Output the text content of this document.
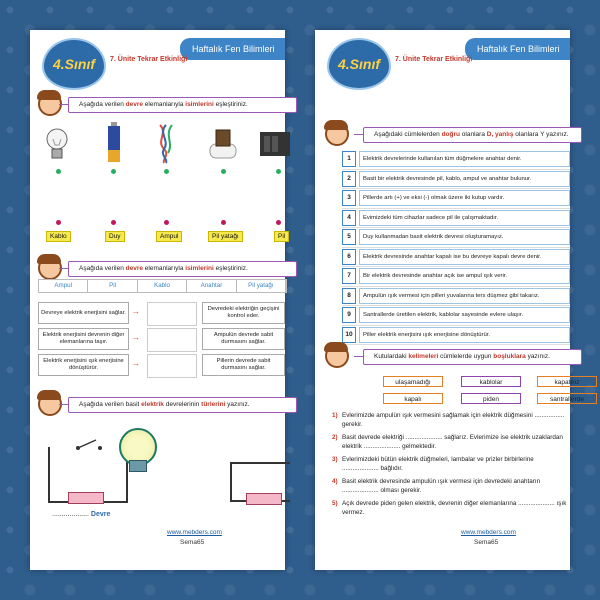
4.Sınıf
Haftalık Fen Bilimleri
7. Ünite Tekrar Etkinliği
Aşağıda verilen devre elemanlarıyla isimlerini eşleştiriniz.
Kablo	Duy	Ampul	Pil yatağı	Pil
Aşağıda verilen devre elemanlarıyla isimlerini eşleştiriniz.
Ampul	Pil	Kablo	Anahtar	Pil yatağı
Devreye elektrik enerjisini sağlar.
Elektrik enerjisini devrenin diğer elemanlarına taşır.
Elektrik enerjisini ışık enerjisine dönüştürür.
→
→
→
Devredeki elektriğin geçişini kontrol eder.
Ampulün devrede sabit durmasını sağlar.
Pillerin devrede sabit durmasını sağlar.
Aşağıda verilen basit elektrik devrelerinin türlerini yazınız.
................... Devre
www.mebders.com
Sema65
4.Sınıf
Haftalık Fen Bilimleri
7. Ünite Tekrar Etkinliği
Aşağıdaki cümlelerden doğru olanlara D, yanlış olanlara Y yazınız.
1	Elektrik devrelerinde kullanılan tüm düğmelere anahtar denir.
2	Basit bir elektrik devresinde pil, kablo, ampul ve anahtar bulunur.
3	Pillerde artı (+) ve eksi (-) olmak üzere iki kutup vardır.
4	Evimizdeki tüm cihazlar sadece pil ile çalışmaktadır.
5	Duy kullanmadan basit elektrik devresi oluşturamayız.
6	Elektrik devresinde anahtar kapalı ise bu devreye kapalı devre denir.
7	Bir elektrik devresinde anahtar açık ise ampul ışık verir.
8	Ampulün ışık vermesi için pilleri yuvalarına ters düşmez gibi takarız.
9	Santrallerde üretilen elektrik, kablolar sayesinde evlere ulaşır.
10	Piller elektrik enerjisini ışık enerjisine dönüştürür.
Kutulardaki kelimeleri cümlelerde uygun boşluklara yazınız.
ulaşamadığı	kablolar	kapatırız
kapalı	piden	santrallerde
1) Evlerimizde ampulün ışık vermesini sağlamak için elektrik düğmesini ................. gerekir.
2) Basit devrede elektriği ..................... sağlarız. Evlerimize ise elektrik uzaklardan elektrik ..................... gelmektedir.
3) Evlerimizdeki bütün elektrik düğmeleri, lambalar ve prizler birbirlerine ..................... bağlıdır.
4) Basit elektrik devresinde ampulün ışık vermesi için devredeki anahtarın ..................... olması gerekir.
5) Açık devrede piden gelen elektrik, devrenin diğer elemanlarına ..................... ışık vermez.
www.mebders.com
Sema65
